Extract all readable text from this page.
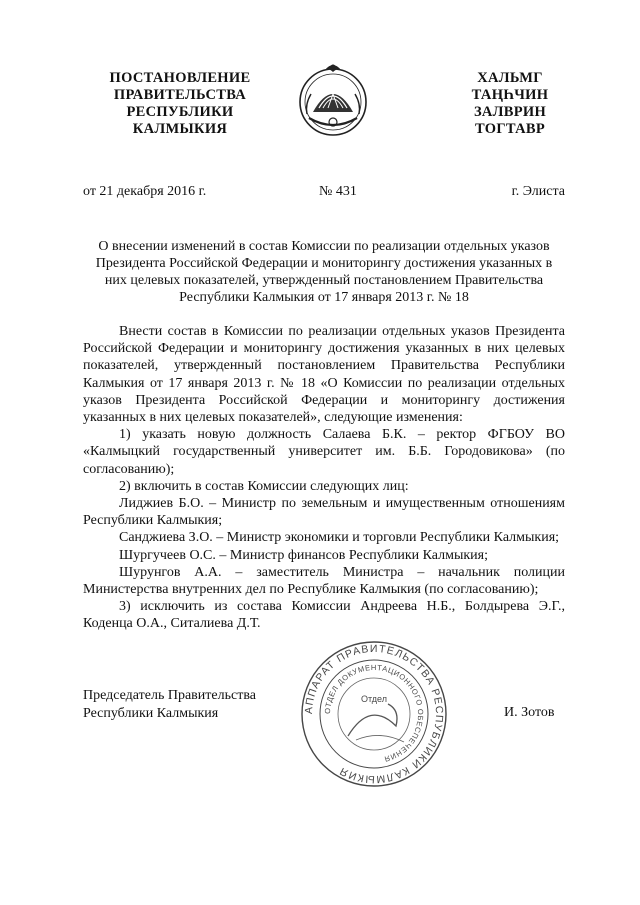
ПОСТАНОВЛЕНИЕ
ПРАВИТЕЛЬСТВА
РЕСПУБЛИКИ
КАЛМЫКИЯ
ХАЛЬМГ
ТАҢҺЧИН
ЗАЛВРИН
ТОГТАВР
от 21 декабря 2016 г.	№ 431	г. Элиста
О внесении изменений в состав Комиссии по реализации отдельных указов
Президента Российской Федерации и мониторингу достижения указанных в
них целевых показателей, утвержденный постановлением Правительства
Республики Калмыкия от 17 января 2013 г. № 18

Внести состав в Комиссии по реализации отдельных указов Президента Российской Федерации и мониторингу достижения указанных в них целевых показателей, утвержденный постановлением Правительства Республики Калмыкия от 17 января 2013 г. № 18 «О Комиссии по реализации отдельных указов Президента Российской Федерации и мониторингу достижения указанных в них целевых показателей», следующие изменения:

1) указать новую должность Салаева Б.К. – ректор ФГБОУ ВО «Калмыцкий государственный университет им. Б.Б. Городовикова» (по согласованию);

2) включить в состав Комиссии следующих лиц:

Лиджиев Б.О. – Министр по земельным и имущественным отношениям Республики Калмыкия;

Санджиева З.О. – Министр экономики и торговли Республики Калмыкия;

Шургучеев О.С. – Министр финансов Республики Калмыкия;

Шурунгов А.А. – заместитель Министра – начальник полиции Министерства внутренних дел по Республике Калмыкия (по согласованию);

3) исключить из состава Комиссии Андреева Н.Б., Болдырева Э.Г., Коденца О.А., Ситалиева Д.Т.

АППАРАТ ПРАВИТЕЛЬСТВА РЕСПУБЛИКИ КАЛМЫКИЯ
ОТДЕЛ ДОКУМЕНТАЦИОННОГО ОБЕСПЕЧЕНИЯ
Отдел
Председатель Правительства
Республики Калмыкия	И. Зотов
